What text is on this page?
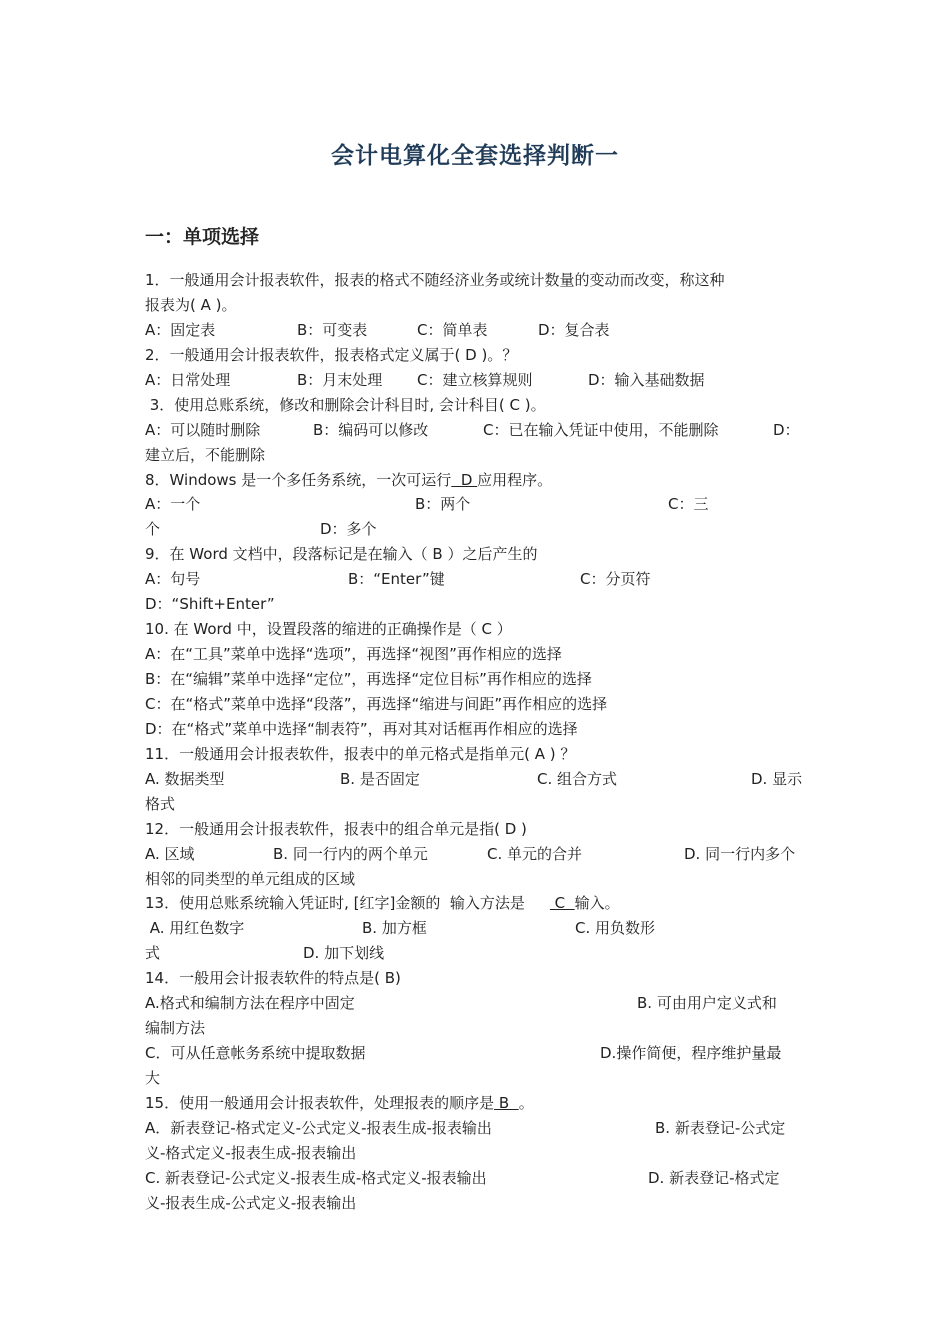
会计电算化全套选择判断一
一：单项选择
1．一般通用会计报表软件，报表的格式不随经济业务或统计数量的变动而改变，称这种
报表为( A )。

A：固定表

	B：可变表

	C：简单表

	D：复合表

2．一般通用会计报表软件，报表格式定义属于( D )。？

A：日常处理

	B：月末处理

C：建立核算规则

	D：输入基础数据

3．使用总账系统，修改和删除会计科目时, 会计科目( C )。

A：可以随时删除

	B：编码可以修改

	C：已在输入凭证中使用，不能删除

	D：

建立后，不能删除
8．Windows 是一个多任务系统，一次可运行  D 应用程序。

A：一个

	B：两个

	C：三

个

	D：多个

9．在 Word 文档中，段落标记是在输入（ B ）之后产生的

A：句号

	B：“Enter”键

	C：分页符

D：“Shift+Enter”
10. 在 Word 中，设置段落的缩进的正确操作是（ C ）
A：在“工具”菜单中选择“选项”，再选择“视图”再作相应的选择
B：在“编辑”菜单中选择“定位”，再选择“定位目标”再作相应的选择
C：在“格式”菜单中选择“段落”，再选择“缩进与间距”再作相应的选择
D：在“格式”菜单中选择“制表符”，再对其对话框再作相应的选择
11．一般通用会计报表软件，报表中的单元格式是指单元( A ) ？

A. 数据类型

	B. 是否固定

	C. 组合方式

	D. 显示

格式
12．一般通用会计报表软件，报表中的组合单元是指( D )

A. 区域

	B. 同一行内的两个单元

	C. 单元的合并

	D. 同一行内多个

相邻的同类型的单元组成的区域
13．使用总账系统输入凭证时, [红字]金额的  输入方法是 C  输入。

A. 用红色数字

	B. 加方框

	C. 用负数形

式

	D. 加下划线

14．一般用会计报表软件的特点是( B)

A.格式和编制方法在程序中固定

	B. 可由用户定义式和

编制方法

C．可从任意帐务系统中提取数据

	D.操作简便，程序维护量最

大
15．使用一般通用会计报表软件，处理报表的顺序是 B  。

A．新表登记-格式定义-公式定义-报表生成-报表输出

	B. 新表登记-公式定

义-格式定义-报表生成-报表输出

C. 新表登记-公式定义-报表生成-格式定义-报表输出

	D. 新表登记-格式定

义-报表生成-公式定义-报表输出
